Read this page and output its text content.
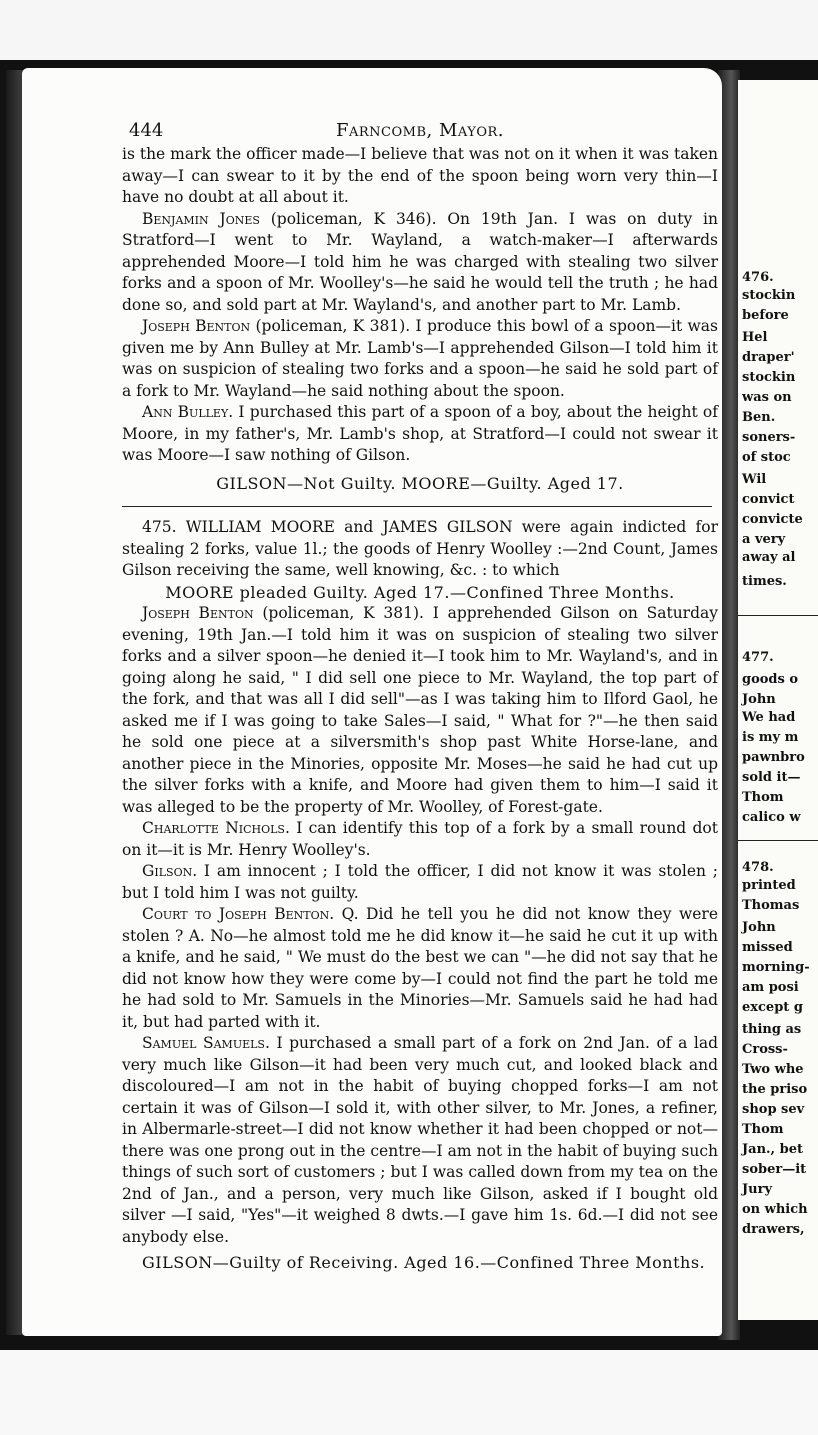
444	Farncomb, Mayor.

is the mark the officer made—I believe that was not on it when it was taken away—I can swear to it by the end of the spoon being worn very thin—I have no doubt at all about it.

Benjamin Jones (policeman, K 346). On 19th Jan. I was on duty in Stratford—I went to Mr. Wayland, a watch-maker—I afterwards apprehended Moore—I told him he was charged with stealing two silver forks and a spoon of Mr. Woolley's—he said he would tell the truth ; he had done so, and sold part at Mr. Wayland's, and another part to Mr. Lamb.

Joseph Benton (policeman, K 381). I produce this bowl of a spoon—it was given me by Ann Bulley at Mr. Lamb's—I apprehended Gilson—I told him it was on suspicion of stealing two forks and a spoon—he said he sold part of a fork to Mr. Wayland—he said nothing about the spoon.

Ann Bulley. I purchased this part of a spoon of a boy, about the height of Moore, in my father's, Mr. Lamb's shop, at Stratford—I could not swear it was Moore—I saw nothing of Gilson.

GILSON—Not Guilty. MOORE—Guilty. Aged 17.

475. WILLIAM MOORE and JAMES GILSON were again indicted for stealing 2 forks, value 1l.; the goods of Henry Woolley :—2nd Count, James Gilson receiving the same, well knowing, &c. : to which

MOORE pleaded Guilty. Aged 17.—Confined Three Months.

Joseph Benton (policeman, K 381). I apprehended Gilson on Saturday evening, 19th Jan.—I told him it was on suspicion of stealing two silver forks and a silver spoon—he denied it—I took him to Mr. Wayland's, and in going along he said, " I did sell one piece to Mr. Wayland, the top part of the fork, and that was all I did sell"—as I was taking him to Ilford Gaol, he asked me if I was going to take Sales—I said, " What for ?"—he then said he sold one piece at a silversmith's shop past White Horse-lane, and another piece in the Minories, opposite Mr. Moses—he said he had cut up the silver forks with a knife, and Moore had given them to him—I said it was alleged to be the property of Mr. Woolley, of Forest-gate.

Charlotte Nichols. I can identify this top of a fork by a small round dot on it—it is Mr. Henry Woolley's.

Gilson. I am innocent ; I told the officer, I did not know it was stolen ; but I told him I was not guilty.

Court to Joseph Benton. Q. Did he tell you he did not know they were stolen ? A. No—he almost told me he did know it—he said he cut it up with a knife, and he said, " We must do the best we can "—he did not say that he did not know how they were come by—I could not find the part he told me he had sold to Mr. Samuels in the Minories—Mr. Samuels said he had had it, but had parted with it.

Samuel Samuels. I purchased a small part of a fork on 2nd Jan. of a lad very much like Gilson—it had been very much cut, and looked black and discoloured—I am not in the habit of buying chopped forks—I am not certain it was of Gilson—I sold it, with other silver, to Mr. Jones, a refiner, in Albermarle-street—I did not know whether it had been chopped or not—there was one prong out in the centre—I am not in the habit of buying such things of such sort of customers ; but I was called down from my tea on the 2nd of Jan., and a person, very much like Gilson, asked if I bought old silver —I said, "Yes"—it weighed 8 dwts.—I gave him 1s. 6d.—I did not see anybody else.

GILSON—Guilty of Receiving. Aged 16.—Confined Three Months.

476.
stockin
before
Hel
draper'
stockin
was on
Ben.
soners-
of stoc
Wil
convict
convicte
a very
away al
times.
477.
goods o
John
We had
is my m
pawnbro
sold it—
Thom
calico w
478.
printed
Thomas
John
missed
morning-
am posi
except g
thing as
Cross-
Two whe
the priso
shop sev
Thom
Jan., bet
sober—it
Jury
on which
drawers,
